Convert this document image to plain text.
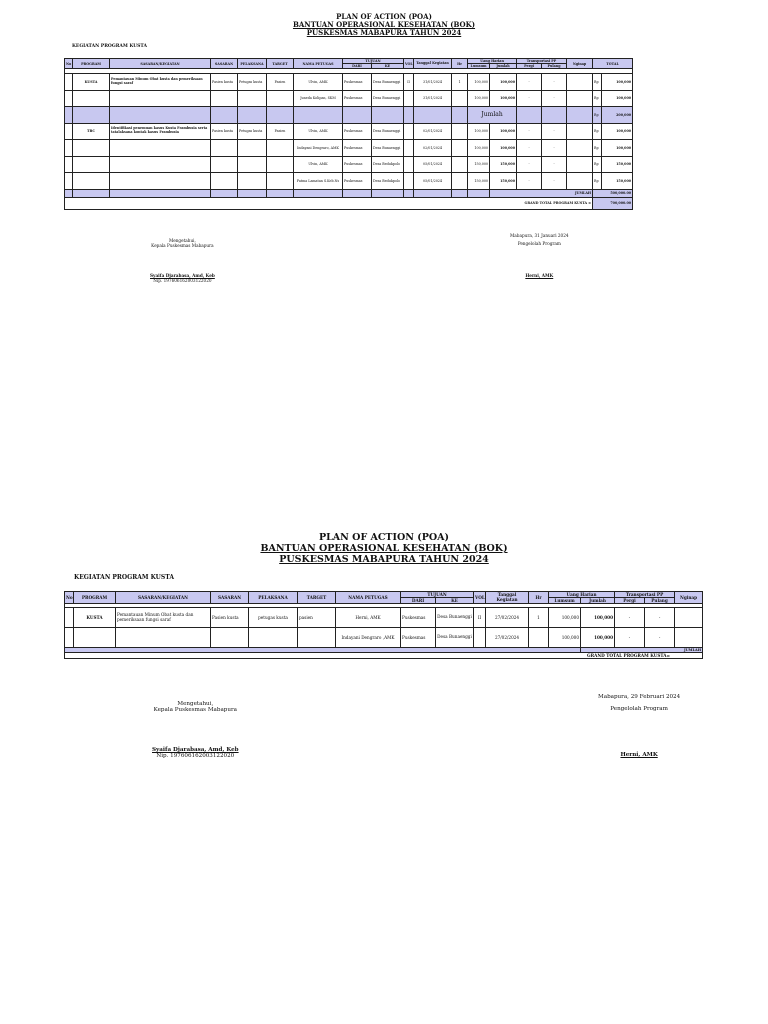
PLAN OF ACTION (POA)
BANTUAN OPERASIONAL KESEHATAN (BOK)
PUSKESMAS MABAPURA TAHUN 2024
KEGIATAN PROGRAM KUSTA
No	PROGRAM	SASARAN/KEGIATAN	SASARAN	PELAKSANA	TARGET	NAMA PETUGAS	TUJUAN		VOL	Tanggal Kegiatan	Hr	Uang Harian		Transportasi PP		Nginap	TOTAL	
							DARI	KE				Lumsum	Jumlah	Pergi	Pulang			

	KUSTA	Pemantauan Minum Obat kusta dan pemeriksaan fungsi saraf	Pasien kusta	Petugas kusta	Pasien	Ulvin, AMK	Puskesmas	Desa Bunaenggi	II	31/01/2024	1	100,000	100,000	-	-		Rp	100,000
						Juneda Kolipan, SKM	Puskesmas	Desa Bunaenggi		31/01/2024		100,000	100,000	-	-		Rp	100,000
												Jumlah					Rp	200,000
	TBC	Identifikasi penemuan kasus Kusta Frambusia serta tatalaksana kontak kasus Frambusia	Pasien kusta	Petugas kusta	Pasien	Ulvin, AMK	Puskesmas	Desa Bunaenggi		02/01/2024		100,000	100,000	-	-		Rp	100,000
						Indayani Dengraro, AMK	Puskesmas	Desa Bunaenggi		02/01/2024		100,000	100,000	-	-		Rp	100,000
						Ulvin, AMK	Puskesmas	Desa Bedukpolo		05/01/2024		150,000	150,000	-	-		Rp	150,000
						Fatma Lamatan S.Keb.Ns	Puskesmas	Desa Bedukpolo		05/01/2024		150,000	150,000	-	-		Rp	150,000
													JUMLAH				500,000.00	
GRAND TOTAL PROGRAM KUSTA =																	700,000.00	
Mengetahui,
Kepala Puskesmas Mabapura
Syaifa Djarabasa, Amd, Keb
Nip. 197606162003122020
Mabapura, 31 Januari 2024
Pengelolah Program
Herni, AMK
PLAN OF ACTION (POA)
BANTUAN OPERASIONAL KESEHATAN (BOK)
PUSKESMAS MABAPURA TAHUN 2024
KEGIATAN PROGRAM KUSTA
No	PROGRAM	SASARAN/KEGIATAN	SASARAN	PELAKSANA	TARGET	NAMA PETUGAS	TUJUAN		VOL	Tanggal Kegiatan	Hr	Uang Harian		Transportasi PP		Nginap
							DARI	KE				Lumsum	Jumlah	Pergi	Pulang	

	KUSTA	Pemantauan Minum Obat kusta dan pemeriksaan fungsi saraf	Pasien kusta	petugas kusta	pasien	Herni, AMK	Puskesmas	Desa Bunaenggi	II	27/02/2024	1	100,000	100,000	-	-	
						Indayani Dengraro ,AMK	Puskesmas	Desa Bunaenggi		27/02/2024		100,000	100,000	-	-	
													JUMLAH			
GRAND TOTAL PROGRAM KUSTA=																
Mengetahui,
Kepala Puskesmas Mabapura
Syaifa Djarabasa, Amd, Keb
Nip. 197606162003122020
Mabapura, 29 Februari 2024
Pengelolah Program
Herni, AMK
